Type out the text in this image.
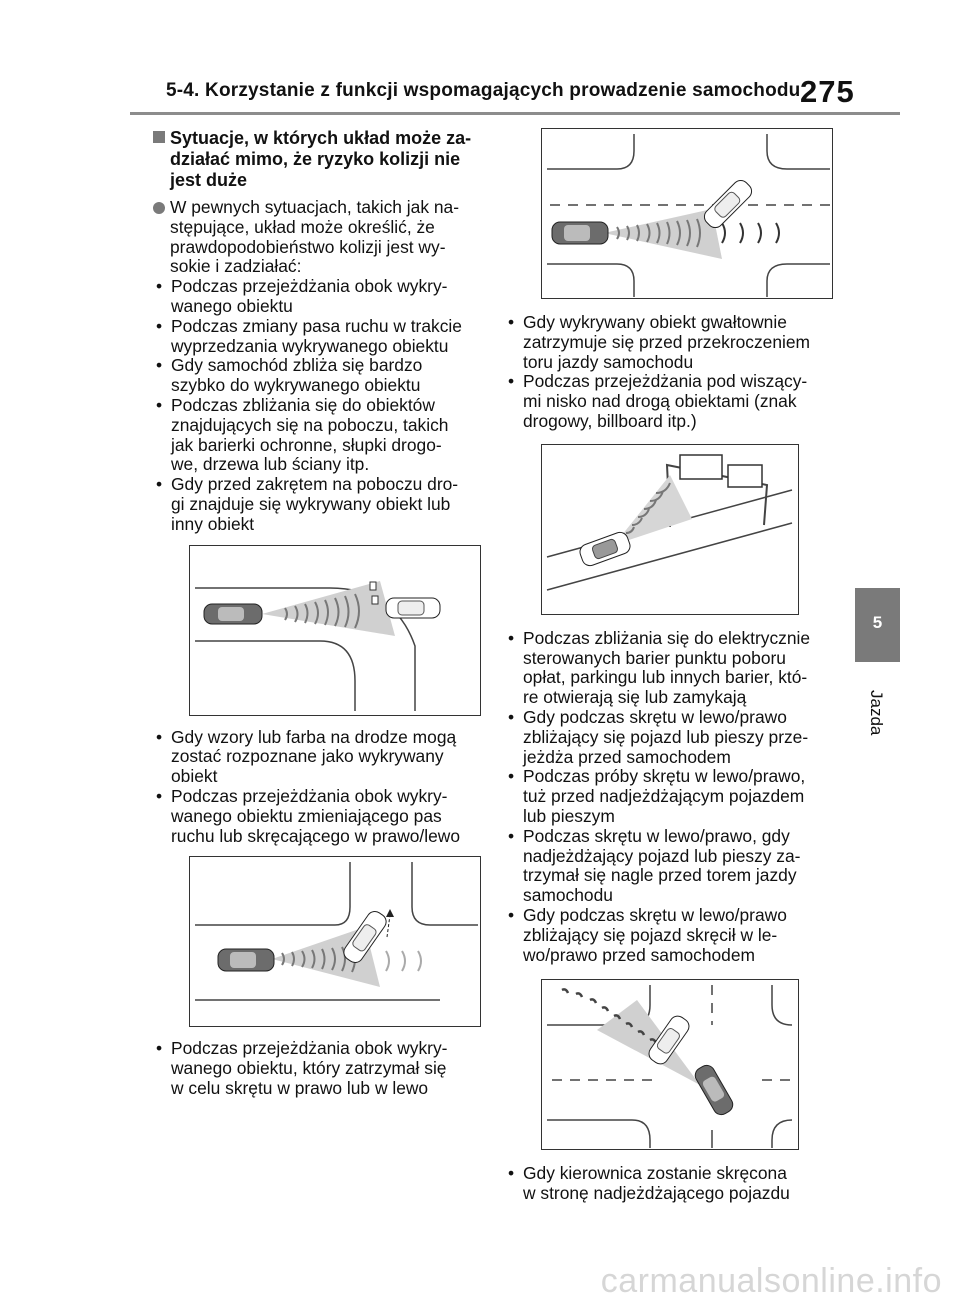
5-4. Korzystanie z funkcji wspomagających prowadzenie samochodu 275
5
Jazda
Sytuacje, w których układ może za-
działać mimo, że ryzyko kolizji nie
jest duże
W pewnych sytuacjach, takich jak na-
stępujące, układ może określić, że
prawdopodobieństwo kolizji jest wy-
sokie i zadziałać:
• Podczas przejeżdżania obok wykry-
wanego obiektu
• Podczas zmiany pasa ruchu w trakcie
wyprzedzania wykrywanego obiektu
• Gdy samochód zbliża się bardzo
szybko do wykrywanego obiektu
• Podczas zbliżania się do obiektów
znajdujących się na poboczu, takich
jak barierki ochronne, słupki drogo-
we, drzewa lub ściany itp.
• Gdy przed zakrętem na poboczu dro-
gi znajduje się wykrywany obiekt lub
inny obiekt
• Gdy wzory lub farba na drodze mogą
zostać rozpoznane jako wykrywany
obiekt
• Podczas przejeżdżania obok wykry-
wanego obiektu zmieniającego pas
ruchu lub skręcającego w prawo/lewo
• Podczas przejeżdżania obok wykry-
wanego obiektu, który zatrzymał się
w celu skrętu w prawo lub w lewo
• Gdy wykrywany obiekt gwałtownie
zatrzymuje się przed przekroczeniem
toru jazdy samochodu
• Podczas przejeżdżania pod wiszący-
mi nisko nad drogą obiektami (znak
drogowy, billboard itp.)
• Podczas zbliżania się do elektrycznie
sterowanych barier punktu poboru
opłat, parkingu lub innych barier, któ-
re otwierają się lub zamykają
• Gdy podczas skrętu w lewo/prawo
zbliżający się pojazd lub pieszy prze-
jeżdża przed samochodem
• Podczas próby skrętu w lewo/prawo,
tuż przed nadjeżdżającym pojazdem
lub pieszym
• Podczas skrętu w lewo/prawo, gdy
nadjeżdżający pojazd lub pieszy za-
trzymał się nagle przed torem jazdy
samochodu
• Gdy podczas skrętu w lewo/prawo
zbliżający się pojazd skręcił w le-
wo/prawo przed samochodem
• Gdy kierownica zostanie skręcona
w stronę nadjeżdżającego pojazdu
carmanualsonline.info
